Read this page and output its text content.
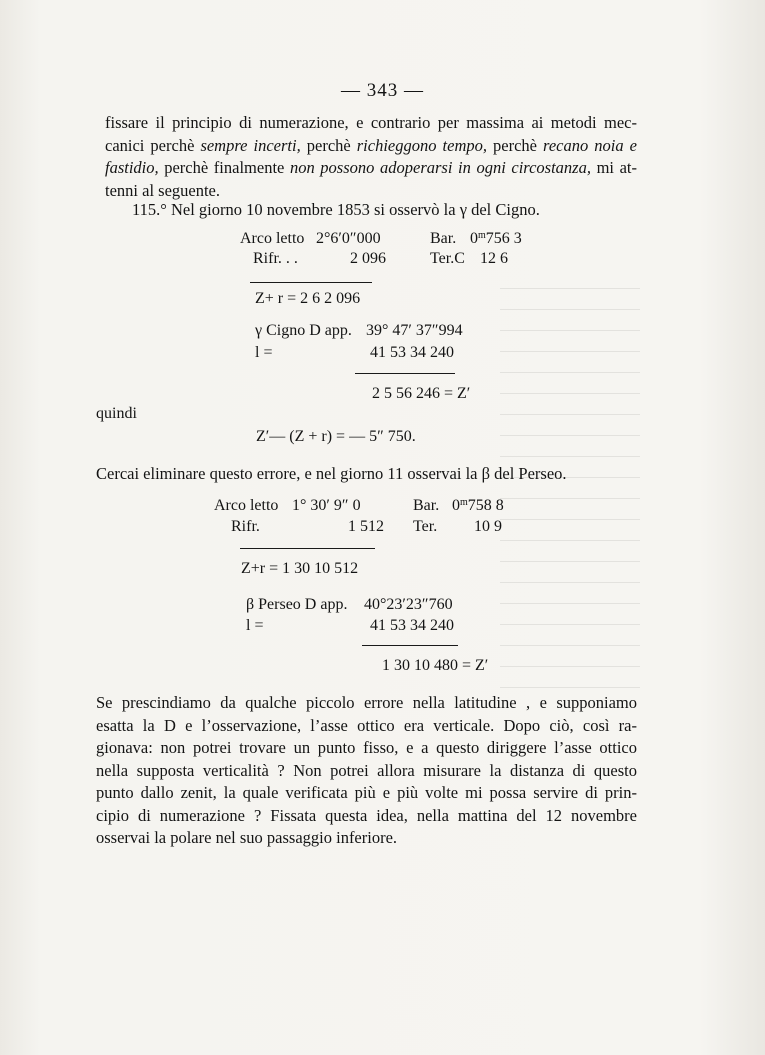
— 343 —
fissare il principio di numerazione, e contrario per massima ai metodi mec-
canici perchè sempre incerti, perchè richieggono tempo, perchè recano noia e
fastidio, perchè finalmente non possono adoperarsi in ogni circostanza, mi at-
tenni al seguente.
115.° Nel giorno 10 novembre 1853 si osservò la γ del Cigno.
Arco letto 2°6′0″000	Bar. 0$^m$756 3
Rifr. . .	2 096	Ter.C 12 6
Z+ r = 2 6 2 096
γ Cigno D app. 39° 47′ 37″994
l =	41 53 34 240
2 5 56 246 = Z′
quindi
Z′— (Z + r) = — 5″ 750.
Cercai eliminare questo errore, e nel giorno 11 osservai la β del Perseo.
Arco letto 1° 30′ 9″ 0	Bar. 0$^m$758 8
Rifr.	1 512 Ter. 10 9
Z+r = 1 30 10 512
β Perseo D app. 40°23′23″760
l =	41 53 34 240
1 30 10 480 = Z′
Se prescindiamo da qualche piccolo errore nella latitudine , e supponiamo
esatta la D e l’osservazione, l’asse ottico era verticale. Dopo ciò, così ra-
gionava: non potrei trovare un punto fisso, e a questo diriggere l’asse ottico
nella supposta verticalità ? Non potrei allora misurare la distanza di questo
punto dallo zenit, la quale verificata più e più volte mi possa servire di prin-
cipio di numerazione ? Fissata questa idea, nella mattina del 12 novembre
osservai la polare nel suo passaggio inferiore.
